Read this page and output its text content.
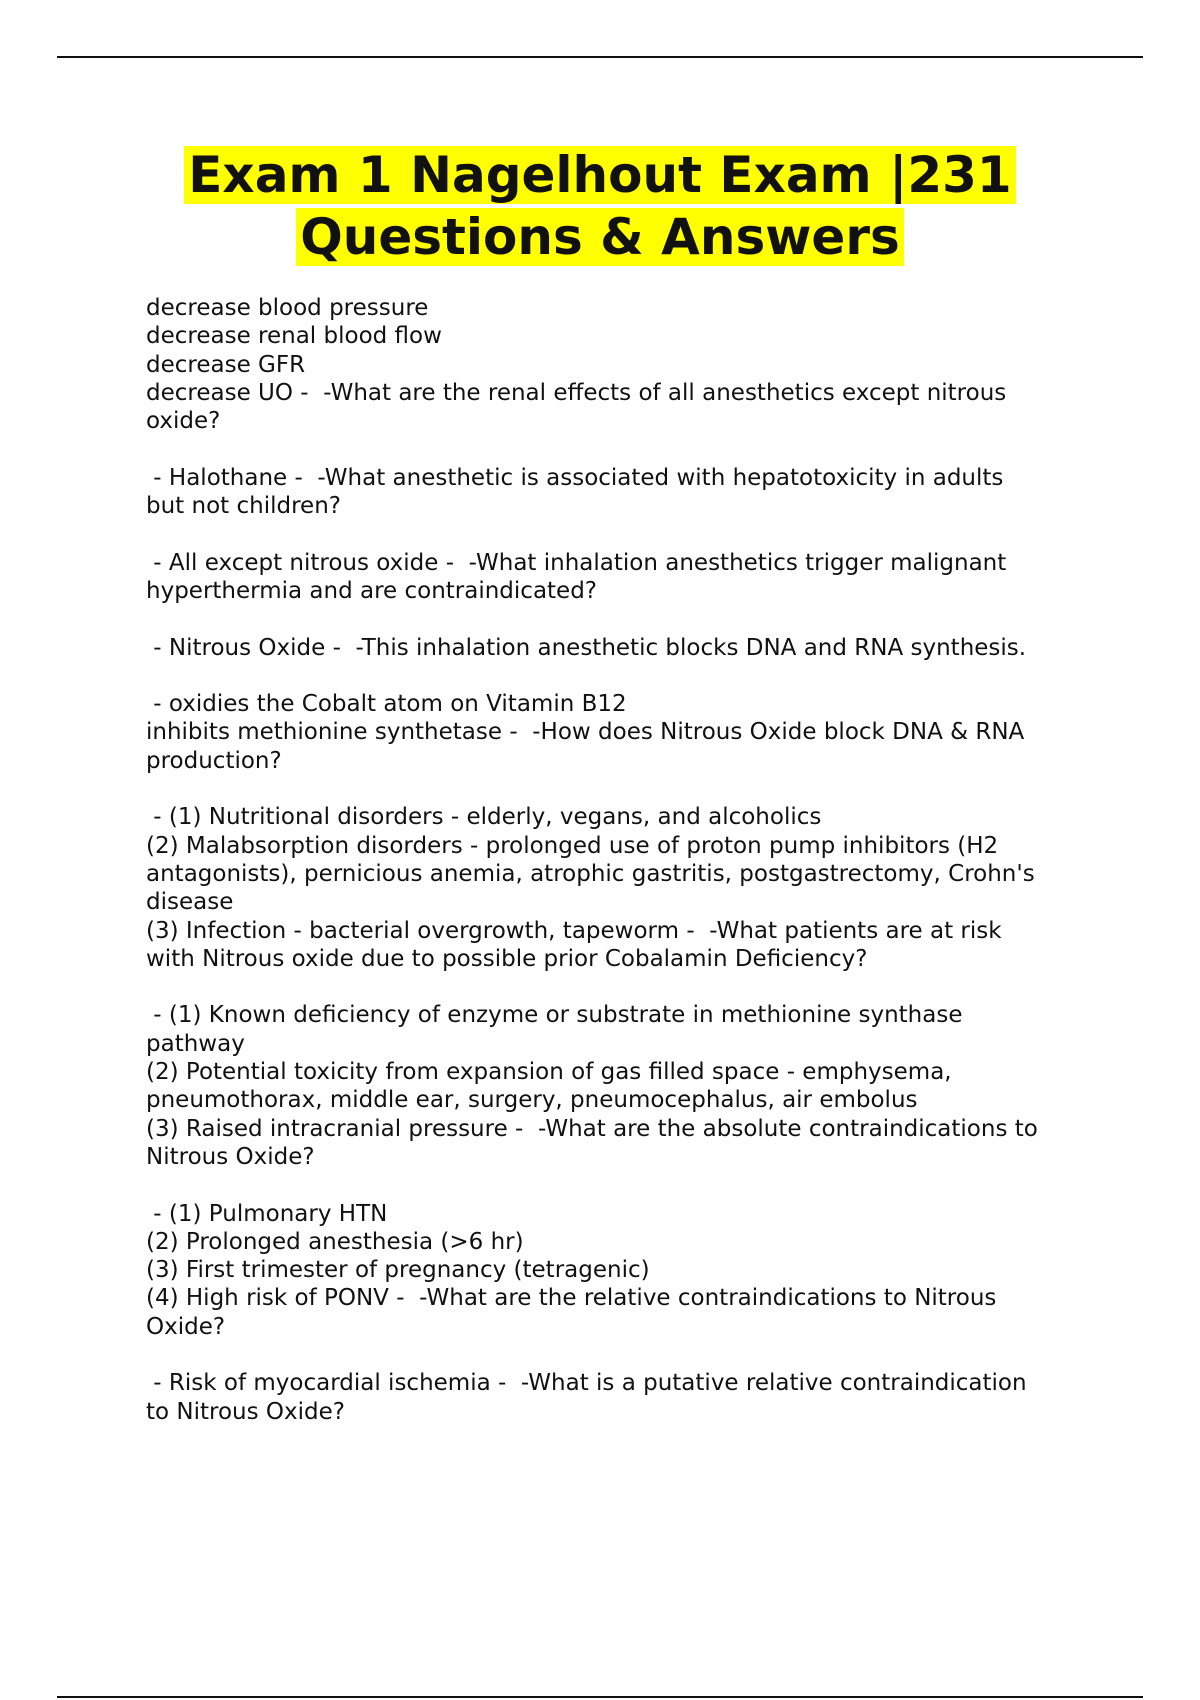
Exam 1 Nagelhout Exam |231
Questions & Answers
decrease blood pressure
decrease renal blood flow
decrease GFR
decrease UO -  -What are the renal effects of all anesthetics except nitrous
oxide?
- Halothane -  -What anesthetic is associated with hepatotoxicity in adults
but not children?
- All except nitrous oxide -  -What inhalation anesthetics trigger malignant
hyperthermia and are contraindicated?
- Nitrous Oxide -  -This inhalation anesthetic blocks DNA and RNA synthesis.
- oxidies the Cobalt atom on Vitamin B12
inhibits methionine synthetase -  -How does Nitrous Oxide block DNA & RNA
production?
- (1) Nutritional disorders - elderly, vegans, and alcoholics
(2) Malabsorption disorders - prolonged use of proton pump inhibitors (H2
antagonists), pernicious anemia, atrophic gastritis, postgastrectomy, Crohn's
disease
(3) Infection - bacterial overgrowth, tapeworm -  -What patients are at risk
with Nitrous oxide due to possible prior Cobalamin Deficiency?
- (1) Known deficiency of enzyme or substrate in methionine synthase
pathway
(2) Potential toxicity from expansion of gas filled space - emphysema,
pneumothorax, middle ear, surgery, pneumocephalus, air embolus
(3) Raised intracranial pressure -  -What are the absolute contraindications to
Nitrous Oxide?
- (1) Pulmonary HTN
(2) Prolonged anesthesia (>6 hr)
(3) First trimester of pregnancy (tetragenic)
(4) High risk of PONV -  -What are the relative contraindications to Nitrous
Oxide?
- Risk of myocardial ischemia -  -What is a putative relative contraindication
to Nitrous Oxide?
